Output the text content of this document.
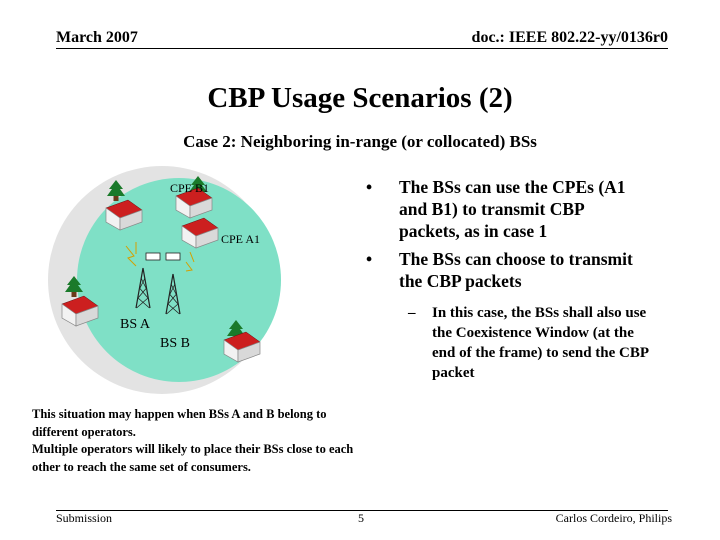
March 2007	doc.: IEEE 802.22-yy/0136r0
CBP Usage Scenarios (2)
Case 2: Neighboring in-range (or collocated) BSs
CPE B1
CPE A1
BS A
BS B
• The BSs can use the CPEs (A1
and B1) to transmit CBP
packets, as in case 1
• The BSs can choose to transmit
the CBP packets
– In this case, the BSs shall also use
the Coexistence Window (at the
end of the frame) to send the CBP
packet
This situation may happen when BSs A and B belong to
different operators.
Multiple operators will likely to place their BSs close to each
other to reach the same set of consumers.
Submission	5	Carlos Cordeiro, Philips
